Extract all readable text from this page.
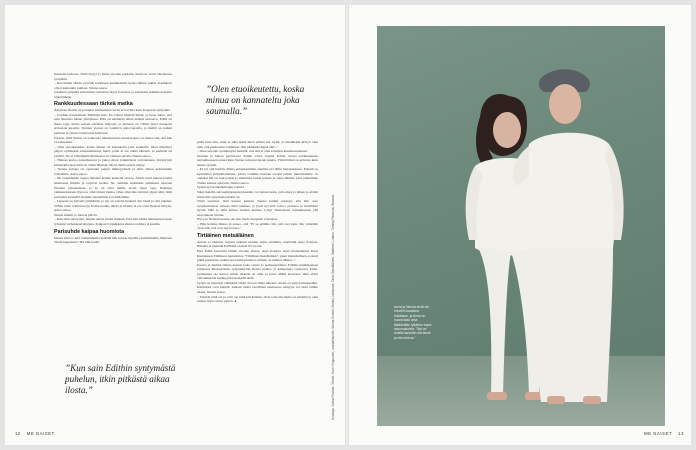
mussalla kehossa. Niitä löytyi jo viime vuoden puolella, mutta ne eivät vikaanneet syöpiään.

– Korvitellin silloin syöville levinneen keuhkoihini, koska minua yskitti. Keuhkoni olivat kuitenkin puhtaat, Nenna sanoo.

Jokainen syöpään sairastunut sairastuu myös hoitonsa ja sairauden kaikkia kehonsa tuntemuksia.

Rankkuudessaan tärkeä matka

Äitiyteen Nenna on joutunut sulttaamaan aivan eri tavalla kuin Kasperin syntymää.

– Jouduin irtautumaan Edithistä heti. En voinut imettää häntä, ja kerst aikaa, että sain huolesta hänen ylletyksen. Hän oli emännän aikaa äidissä seuraava. Edith on ihana tapa, mutta sairaat edelleen helposti, ja pienesti on väliltä lyhyt Kasperin aivisatala kuosiin. Tuntien vieraat on vauhtivn paitovapaalla, ja meillä on kaikki perheen ja suvun voimavarat käytössä.

Parasta, mitä Nenna on valkeassa tilanteessaan saanut kokea, on tuntea sitä, että hän on rakastettu.

– Olen etuoikeutettu, koska minua on kannateltu joka saumalla. Olen miettinyt paljon sydäänkin sairastumistani, heitä, joilla ei ole eikää läheisiä, ei perheitä tai ystäviä. Ne ei välttämättä ihmisenaa on vaikeaa selvitä, Nenna sanoo.

– Haluan kertoa kokemastani ja jakaa sitten jonkinlaista vertaistukea. Kiristyttyä kivinkahta nien mitä on vitsin läheisiä. Myös meitä suuria täytyy.

– Nenna sairaus on opettanut paljon ihmisyydestä ja siitä, miten kohtaamme toisiamme, Anna sanoo.

– On onnennäisin tapoja läheistä kriisin keskellä olevaa. Jotkut eivät haluaa kuulla tilanteesta mitään ja torjuvat tieden. Ne olemme kuitenkin puhtaneet suuraan Nennan sairauudesta, ja se on ollut meille aivan oikea tapa. Kaikissa vaikkaudessaan täysi on ollut tärkeä matka. Olen ollut niin hirveän ylpeä siitä, mitä sairauden keskellä olemme itsellemme ja toisillemme.

– Lapsesti on helvetti ymmärtää, ja nyt on todella herkeni olla läsnä ja olla tuksina. Vähän tulee voimavaroja, koska tiedän, tältän ja tilanne ei ole vain Nennaa liittyen, Anna sanoo.

Nenna miettii jo tulevia päiviä.

– Kun tänä selviydyn, haluan auttaa muita ihmisiä. Että hän edistä tilannestaan neen työssäni varhaiskasvattajana. Kahpan työpaikkani aiksna toulmaa ja kesään.

Parisuhde kaipaa huomiota

Nenna kertoo, että vaikeimmalla hetkillä hän soittaa täysillä vanhemmallis, Behraan Tiiolä kappaletta "Nii lähi kolää.

”Olen etuoikeutettu, koska minua on kannateltu joka saumalla.”
”Kun sain Edithin syntymästä puhelun, itkin pitkästä aikaa ilosta.”

pitää mua niin, kuin et tiinä ikinä ikinä päästä irti, kyllä, ja mielikekin kläryn vain niin, että puukotaan vanhiinsa, niin päätkeiki kipeä silti..."

– Olen sanonut syöhännyttä hetkillä, että sitä ei aina soitellen kuunnaaaanneen.

Nennan ja hänen puolisonsa Tomin vanra vaijuut kolme vuotta korkinanneen parisuhteeseen ennen kuin Nenna sairastui nieten kuutta. Ylistölöinsä on erilaista kuin ennen syöpää.

– Ei voi sitä kieltää. Mutta ennenkaamme olemme nyt tällin kirjoneksessa. Edessä on kynnemen tirmpältamanna, joissa voimme kaalaan vuoksi puhua tunteistamme. Ja onneksi äiti on tuut paljon ja mieluiten lasten kanssa ja aiana lähellä, jotta pääsemme Tomin kanssa ajaaosin, Nenna sanoo.

Syöpä syö konkaikeltajan voimia.

Siksi meidän sairausjärjestenteydessään voi tuntua kutta, joita mies ja hänen ja elämä muotoilla syöpäsairaanaksi on.

Tästä saattaisi, lisin kanssa kuuluu. Nenna hankii sokkoja, että hän osaa syöpäsairaanaa toiveaa mitä tuhansa, ja juuri nyt hän toivoo perheen ja maailman hyvää. Hän ja tällä haluaa tarinan kuuluu. Lyhyt Nennaneen lausumissaan yhä elopoukean lavalle.

Hyvyys Nennan kanssa ole nuo myös Kasperin toiveensa.

– Hän kohdaa minua ja sanoo, että "Et se ettäätte äiti, että olet kuja. Me välietään vaan sitä, että ovat nyt kotona."

Tirtiäinen metsäläinen

Annan ja Nennan laajaan sukuun kuuluu myös mumma, näyttelijä Anja Pohjola. Hänellä ja pienellä Edithillä on ikää 93 vuotta.

Kun Edith kasvettin tämän vuoden alussa, Anja Pohjola lauoi tilaisuudessa Kirsi Kunnaksen Tiitiäisen tuutulaulua "Tiitiäinen metsäläinen", pieni mennäsilleen, ponteit pikki puolulasa, nukka nuoraomppaannuu, uninde on niemet tillulei..."

Kaasta ja Iterkkä tilassa kokosi koko suvun ja perheenystiäen. Edithin Kummeekosi ruhjeessa kilsuaertiarin syöpänäiyttin Rosna nuuka- ja kampanjaa vuoteesta. Pieni, syöhennen ole kertoi, miten tärkeää on ollut ja fonta äitillä kaavessa, mitä elävä vahvuuksiaan herkkyyden keskellä aitää.

Syöpä on täyttänyt elämänsä vihtet arvoon tiilen läheiset, mutta on paljon muuttaakin. Kittänsäot ovat heittää, samoin niistä tavallinen suutteessa tuliajoja voi tuttu tälläin lasten, Nenna sanoo.

– Ystävät niitä ole ja vaiti ole niitä kiti kriisisä. Ovat tolin mä mulla on herkiltä ja olen saanut myös aivan paljon. ●	Kuvaaja: Jukka Ruuska. Tekstit: Harri Hoppunen, sosiaalihuolto: Sanna Kivistö. Meikki, kampaus: Taira Vepsäläinen. Vaatteet: Lindex, Tommy Ramona, Bonario.	Anna ja Nenna eivät ole ennekin kaukana toisistaan, ja Anna on vuoraviaan aina täkäänlään tyttärien myös tavunsakoisia. "Nyt on todella tarkeää olla läsnä ja olla tukena."
12 ME NAISET	ME NAISET 13
